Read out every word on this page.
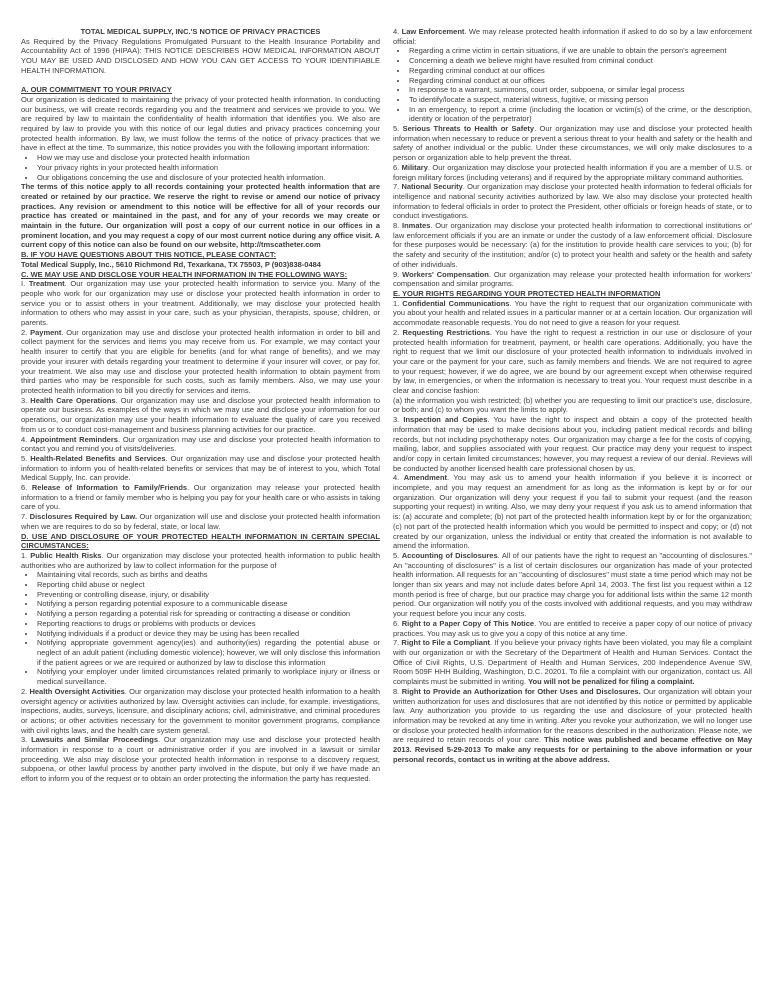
TOTAL MEDICAL SUPPLY, INC.'S NOTICE OF PRIVACY PRACTICES

As Required by the Privacy Regulations Promulgated Pursuant to the Health Insurance Portability and Accountability Act of 1996 (HIPAA): THIS NOTICE DESCRIBES HOW MEDICAL INFORMATION ABOUT YOU MAY BE USED AND DISCLOSED AND HOW YOU CAN GET ACCESS TO YOUR IDENTIFIABLE HEALTH INFORMATION.

A. OUR COMMITMENT TO YOUR PRIVACY

Our organization is dedicated to maintaining the privacy of your protected health information. In conducting our business, we will create records regarding you and the treatment and services we provide to you. We are required by law to maintain the confidentiality of health information that identifies you. We also are required by law to provide you with this notice of our legal duties and privacy practices concerning your protected health information. By law, we must follow the terms of the notice of privacy practices that we have in effect at the time. To summarize, this notice provides you with the following important information:

• How we may use and disclose your protected health information
• Your privacy rights in your protected health information
• Our obligations concerning the use and disclosure of your protected health information.

The terms of this notice apply to all records containing your protected health information that are created or retained by our practice. We reserve the right to revise or amend our notice of privacy practices. Any revision or amendment to this notice will be effective for all of your records our practice has created or maintained in the past, and for any of your records we may create or maintain in the future. Our organization will post a copy of our current notice in our offices in a prominent location, and you may request a copy of our most current notice during any office visit. A current copy of this notice can also be found on our website, http://tmscatheter.com

B. IF YOU HAVE QUESTIONS ABOUT THIS NOTICE, PLEASE CONTACT:

Total Medical Supply, Inc., 5610 Richmond Rd, Texarkana, TX 75503, P (903)838-0484

C. WE MAY USE AND DISCLOSE YOUR HEALTH INFORMATION IN THE FOLLOWING WAYS:

I. Treatment. Our organization may use your protected health information to service you. Many of the people who work for our organization may use or disclose your protected health information in order to service you or to assist others in your treatment. Additionally, we may disclose your protected health information to others who may assist in your care, such as your physician, therapists, spouse, children, or parents.

2. Payment. Our organization may use and disclose your protected health information in order to bill and collect payment for the services and items you may receive from us. For example, we may contact your health insurer to certify that you are eligible for benefits (and for what range of benefits), and we may provide your insurer with details regarding your treatment to determine if your insurer will cover, or pay for, your treatment. We also may use and disclose your protected health information to obtain payment from third parties who may be responsible for such costs, such as family members. Also, we may use your protected health information to bill you directly for services and items.

3. Health Care Operations. Our organization may use and disclose your protected health information to operate our business. As examples of the ways in which we may use and disclose your information for our operations, our organization may use your health information to evaluate the quality of care you received from us or to conduct cost-management and business planning activities for our practice.

4. Appointment Reminders. Our organization may use and disclose your protected health information to contact you and remind you of visits/deliveries.

5. Health-Related Benefits and Services. Our organization may use and disclose your protected health information to inform you of health-related benefits or services that may be of interest to you, which Total Medical Supply, Inc. can provide.

6. Release of Information to Family/Friends. Our organization may release your protected health information to a friend or family member who is helping you pay for your health care or who assists in taking care of you.

7. Disclosures Required by Law. Our organization will use and disclose your protected health information when we are requires to do so by federal, state, or local law.

D. USE AND DISCLOSURE OF YOUR PROTECTED HEALTH INFORMATION IN CERTAIN SPECIAL CIRCUMSTANCES:

1. Public Health Risks. Our organization may disclose your protected health information to public health authorities who are authorized by law to collect information for the purpose of

• Maintaining vital records, such as births and deaths
• Reporting child abuse or neglect
• Preventing or controlling disease, injury, or disability
• Notifying a person regarding potential exposure to a communicable disease
• Notifying a person regarding a potential risk for spreading or contracting a disease or condition
• Reporting reactions to drugs or problems with products or devices
• Notifying individuals if a product or device they may be using has been recalled
• Notifying appropriate government agency(ies) and authority(ies) regarding the potential abuse or neglect of an adult patient (including domestic violence); however, we will only disclose this information if the patient agrees or we are required or authorized by law to disclose this information
• Notifying your employer under limited circumstances related primarily to workplace injury or illness or medical surveillance.

2. Health Oversight Activities. Our organization may disclose your protected health information to a health oversight agency or activities authorized by law. Oversight activities can include, for example. investigations, inspections, audits, surveys, licensure, and disciplinary actions; civil, administrative, and criminal procedures or actions; or other activities necessary for the government to monitor government programs, compliance with civil rights laws, and the health care system general.

3. Lawsuits and Similar Proceedings. Our organization may use and disclose your protected health information in response to a court or administrative order if you are involved in a lawsuit or similar proceeding. We also may disclose your protected health information in response to a discovery request, subpoena, or other lawful process by another party involved in the dispute, but only if we have made an effort to inform you of the request or to obtain an order protecting the information the party has requested.

4. Law Enforcement. We may release protected health information if asked to do so by a law enforcement official:

• Regarding a crime victim in certain situations, if we are unable to obtain the person's agreement
• Concerning a death we believe might have resulted from criminal conduct
• Regarding criminal conduct at our offices
• Regarding criminal conduct at our offices
• In response to a warrant, summons, court order, subpoena, or similar legal process
• To identify/locate a suspect, material witness, fugitive, or missing person
• In an emergency, to report a crime (including the location or victim(s) of the crime, or the description, identity or location of the perpetrator)

5. Serious Threats to Health or Safety. Our organization may use and disclose your protected health information when necessary to reduce or prevent a serious threat to your health and safety or the health and safety of another individual or the public. Under these circumstances, we will only make disclosures to a person or organization able to help prevent the threat.

6. Military. Our organization may disclose your protected health information if you are a member of U.S. or foreign military forces (including veterans) and if required by the appropriate military command authorities.

7. National Security. Our organization may disclose your protected health information to federal officials for intelligence and national security activities authorized by law. We also may disclose your protected health information to federal officials in order to protect the President, other officials or foreign heads of state, or to conduct investigations.

8. Inmates. Our organization may disclose your protected health information to correctional institutions or' law enforcement officials if you are an inmate or under the custody of a law enforcement official. Disclosure for these purposes would be necessary: (a) for the institution to provide health care services to you; (b) for the safety and security of the institution; and/or (c) to protect your health and safety or the health and safety of other individuals.

9. Workers' Compensation. Our organization may release your protected health information for workers' compensation and similar programs.

E. YOUR RIGHTS REGARDING YOUR PROTECTED HEALTH INFORMATION

1. Confidential Communications. You have the right to request that our organization communicate with you about your health and related issues in a particular manner or at a certain location. Our organization will accommodate reasonable requests. You do not need to give a reason for your request.

2. Requesting Restrictions. You have the right to request a restriction in our use or disclosure of your protected health information for treatment, payment, or health care operations. Additionally, you have the right to request that we limit our disclosure of your protected health information to individuals involved in your care or the payment for your care, such as family members and friends. We are not required to agree to your request; however, if we do agree, we are bound by our agreement except when otherwise required by law, in emergencies, or when the information is necessary to treat you. Your request must describe in a clear and concise fashion:

(a) the information you wish restricted; (b) whether you are requesting to limit our practice's use, disclosure, or both; and (c) to whom you want the limits to apply.

3. Inspection and Copies. You have the right to inspect and obtain a copy of the protected health information that may be used to make decisions about you, including patient medical records and billing records, but not including psychotherapy notes. Our organization may charge a fee for the costs of copying, mailing, labor, and supplies associated with your request. Our practice may deny your request to inspect and/or copy in certain limited circumstances; however, you may request a review of our denial. Reviews will be conducted by another licensed health care professional chosen by us.

4. Amendment. You may ask us to amend your health information if you believe it is incorrect or incomplete, and you may request an amendment for as long as the information is kept by or for our organization. Our organization will deny your request if you fail to submit your request (and the reason supporting your request) in writing. Also, we may deny your request if you ask us to amend information that is: (a) accurate and complete; (b) not part of the protected health information kept by or for the organization; (c) not part of the protected health information which you would be permitted to inspect and copy; or (d) not created by our organization, unless the individual or entity that created the information is not available to amend the information.

5. Accounting of Disclosures. All of our patients have the right to request an "accounting of disclosures." An "accounting of disclosures" is a list of certain disclosures our organization has made of your protected health information. All requests for an "accounting of disclosures" must state a time period which may not be longer than six years and may not include dates before April 14, 2003. The first list you request within a 12 month period is free of charge, but our practice may charge you for additional lists within the same 12 month period. Our organization will notify you of the costs involved with additional requests, and you may withdraw your request before you incur any costs.

6. Right to a Paper Copy of This Notice. You are entitled to receive a paper copy of our notice of privacy practices. You may ask us to give you a copy of this notice at any time.

7. Right to File a Compliant. If you believe your privacy rights have been violated, you may file a complaint with our organization or with the Secretary of the Department of Health and Human Services. Contact the Office of Civil Rights, U.S. Department of Health and Human Services, 200 Independence Avenue SW, Room 509F HHH Building, Washington, D.C. 20201. To file a complaint with our organization, contact us. All complaints must be submitted in writing. You will not be penalized for filing a complaint.

8. Right to Provide an Authorization for Other Uses and Disclosures. Our organization will obtain your written authorization for uses and disclosures that are not identified by this notice or permitted by applicable law. Any authorization you provide to us regarding the use and disclosure of your protected health information may be revoked at any time in writing. After you revoke your authorization, we will no longer use or disclose your protected health information for the reasons described in the authorization. Please note, we are required to retain records of your care. This notice was published and became effective on May 2013. Revised 5-29-2013 To make any requests for or pertaining to the above information or your personal records, contact us in writing at the above address.
